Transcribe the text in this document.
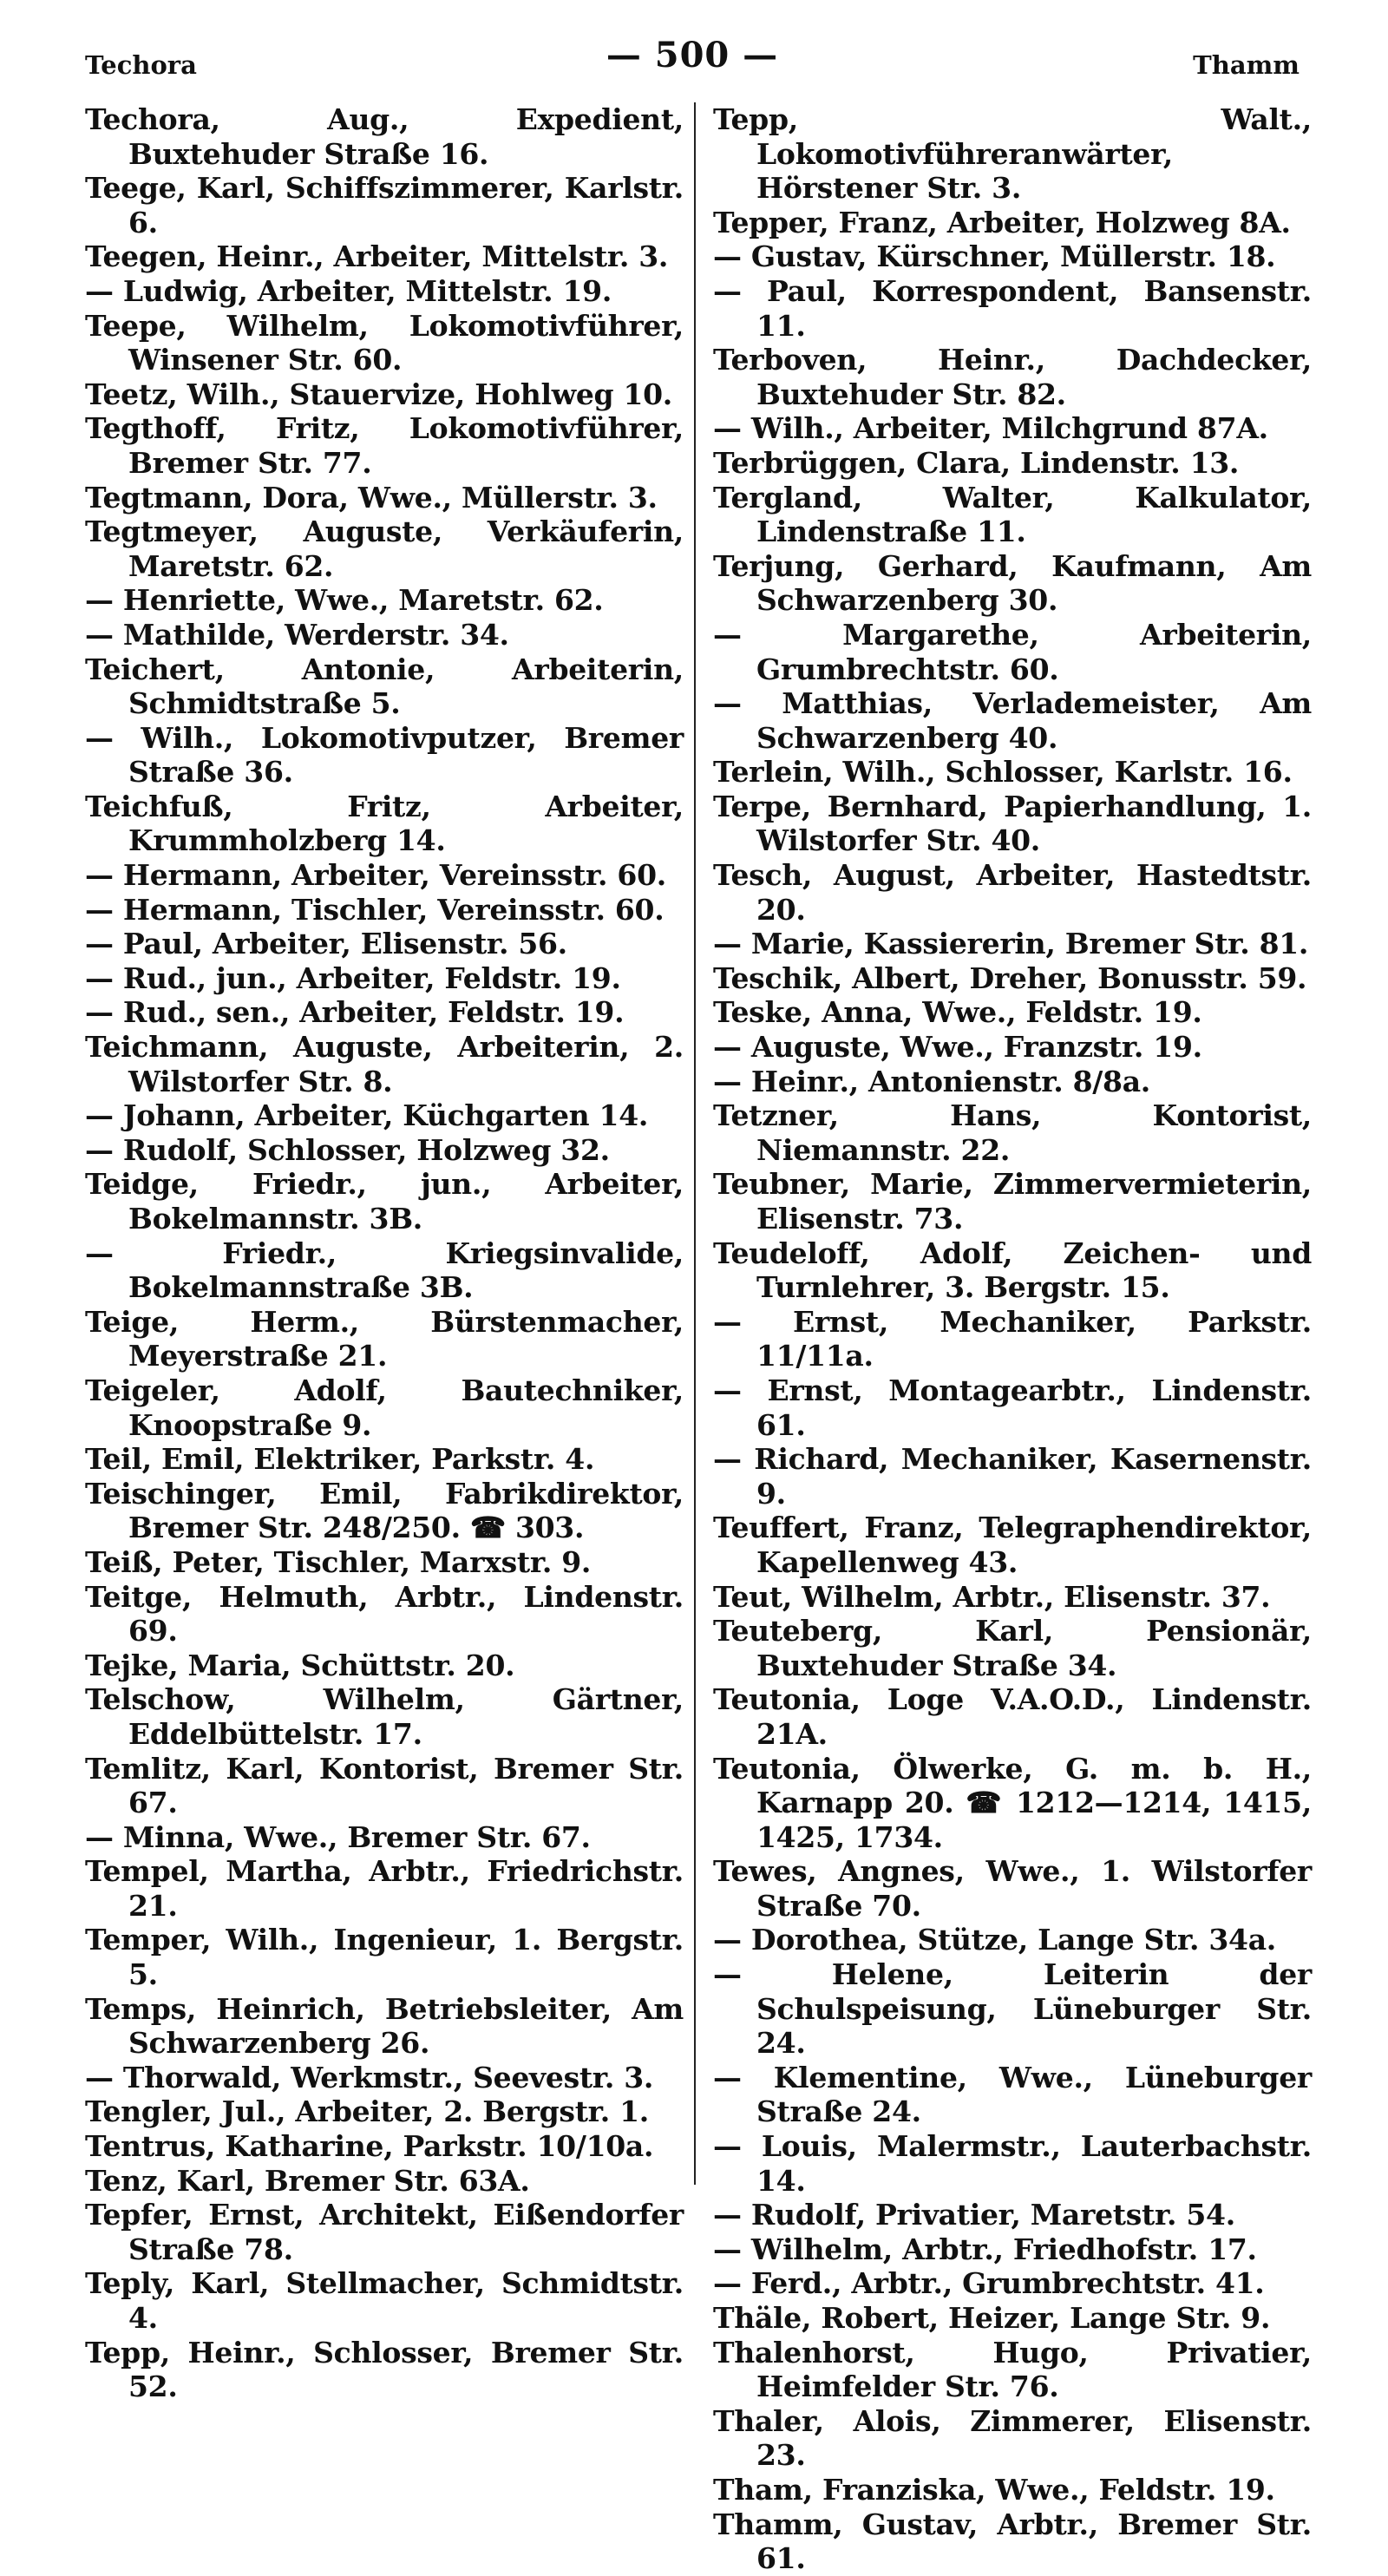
Techora	— 500 —	Thamm

Techora, Aug., Expedient, Buxtehuder Straße 16.

Teege, Karl, Schiffszimmerer, Karlstr. 6.

Teegen, Heinr., Arbeiter, Mittelstr. 3.

— Ludwig, Arbeiter, Mittelstr. 19.

Teepe, Wilhelm, Lokomotivführer, Winsener Str. 60.

Teetz, Wilh., Stauervize, Hohlweg 10.

Tegthoff, Fritz, Lokomotivführer, Bremer Str. 77.

Tegtmann, Dora, Wwe., Müllerstr. 3.

Tegtmeyer, Auguste, Verkäuferin, Maretstr. 62.

— Henriette, Wwe., Maretstr. 62.

— Mathilde, Werderstr. 34.

Teichert, Antonie, Arbeiterin, Schmidtstraße 5.

— Wilh., Lokomotivputzer, Bremer Straße 36.

Teichfuß, Fritz, Arbeiter, Krummholzberg 14.

— Hermann, Arbeiter, Vereinsstr. 60.

— Hermann, Tischler, Vereinsstr. 60.

— Paul, Arbeiter, Elisenstr. 56.

— Rud., jun., Arbeiter, Feldstr. 19.

— Rud., sen., Arbeiter, Feldstr. 19.

Teichmann, Auguste, Arbeiterin, 2. Wilstorfer Str. 8.

— Johann, Arbeiter, Küchgarten 14.

— Rudolf, Schlosser, Holzweg 32.

Teidge, Friedr., jun., Arbeiter, Bokelmannstr. 3B.

— Friedr., Kriegsinvalide, Bokelmannstraße 3B.

Teige, Herm., Bürstenmacher, Meyerstraße 21.

Teigeler, Adolf, Bautechniker, Knoopstraße 9.

Teil, Emil, Elektriker, Parkstr. 4.

Teischinger, Emil, Fabrikdirektor, Bremer Str. 248/250. ☎ 303.

Teiß, Peter, Tischler, Marxstr. 9.

Teitge, Helmuth, Arbtr., Lindenstr. 69.

Tejke, Maria, Schüttstr. 20.

Telschow, Wilhelm, Gärtner, Eddelbüttelstr. 17.

Temlitz, Karl, Kontorist, Bremer Str. 67.

— Minna, Wwe., Bremer Str. 67.

Tempel, Martha, Arbtr., Friedrichstr. 21.

Temper, Wilh., Ingenieur, 1. Bergstr. 5.

Temps, Heinrich, Betriebsleiter, Am Schwarzenberg 26.

— Thorwald, Werkmstr., Seevestr. 3.

Tengler, Jul., Arbeiter, 2. Bergstr. 1.

Tentrus, Katharine, Parkstr. 10/10a.

Tenz, Karl, Bremer Str. 63A.

Tepfer, Ernst, Architekt, Eißendorfer Straße 78.

Teply, Karl, Stellmacher, Schmidtstr. 4.

Tepp, Heinr., Schlosser, Bremer Str. 52.

Tepp, Walt., Lokomotivführeranwärter, Hörstener Str. 3.

Tepper, Franz, Arbeiter, Holzweg 8A.

— Gustav, Kürschner, Müllerstr. 18.

— Paul, Korrespondent, Bansenstr. 11.

Terboven, Heinr., Dachdecker, Buxtehuder Str. 82.

— Wilh., Arbeiter, Milchgrund 87A.

Terbrüggen, Clara, Lindenstr. 13.

Tergland, Walter, Kalkulator, Lindenstraße 11.

Terjung, Gerhard, Kaufmann, Am Schwarzenberg 30.

— Margarethe, Arbeiterin, Grumbrechtstr. 60.

— Matthias, Verlademeister, Am Schwarzenberg 40.

Terlein, Wilh., Schlosser, Karlstr. 16.

Terpe, Bernhard, Papierhandlung, 1. Wilstorfer Str. 40.

Tesch, August, Arbeiter, Hastedtstr. 20.

— Marie, Kassiererin, Bremer Str. 81.

Teschik, Albert, Dreher, Bonusstr. 59.

Teske, Anna, Wwe., Feldstr. 19.

— Auguste, Wwe., Franzstr. 19.

— Heinr., Antonienstr. 8/8a.

Tetzner, Hans, Kontorist, Niemannstr. 22.

Teubner, Marie, Zimmervermieterin, Elisenstr. 73.

Teudeloff, Adolf, Zeichen- und Turnlehrer, 3. Bergstr. 15.

— Ernst, Mechaniker, Parkstr. 11/11a.

— Ernst, Montagearbtr., Lindenstr. 61.

— Richard, Mechaniker, Kasernenstr. 9.

Teuffert, Franz, Telegraphendirektor, Kapellenweg 43.

Teut, Wilhelm, Arbtr., Elisenstr. 37.

Teuteberg, Karl, Pensionär, Buxtehuder Straße 34.

Teutonia, Loge V.A.O.D., Lindenstr. 21A.

Teutonia, Ölwerke, G. m. b. H., Karnapp 20. ☎ 1212—1214, 1415, 1425, 1734.

Tewes, Angnes, Wwe., 1. Wilstorfer Straße 70.

— Dorothea, Stütze, Lange Str. 34a.

— Helene, Leiterin der Schulspeisung, Lüneburger Str. 24.

— Klementine, Wwe., Lüneburger Straße 24.

— Louis, Malermstr., Lauterbachstr. 14.

— Rudolf, Privatier, Maretstr. 54.

— Wilhelm, Arbtr., Friedhofstr. 17.

— Ferd., Arbtr., Grumbrechtstr. 41.

Thäle, Robert, Heizer, Lange Str. 9.

Thalenhorst, Hugo, Privatier, Heimfelder Str. 76.

Thaler, Alois, Zimmerer, Elisenstr. 23.

Tham, Franziska, Wwe., Feldstr. 19.

Thamm, Gustav, Arbtr., Bremer Str. 61.
